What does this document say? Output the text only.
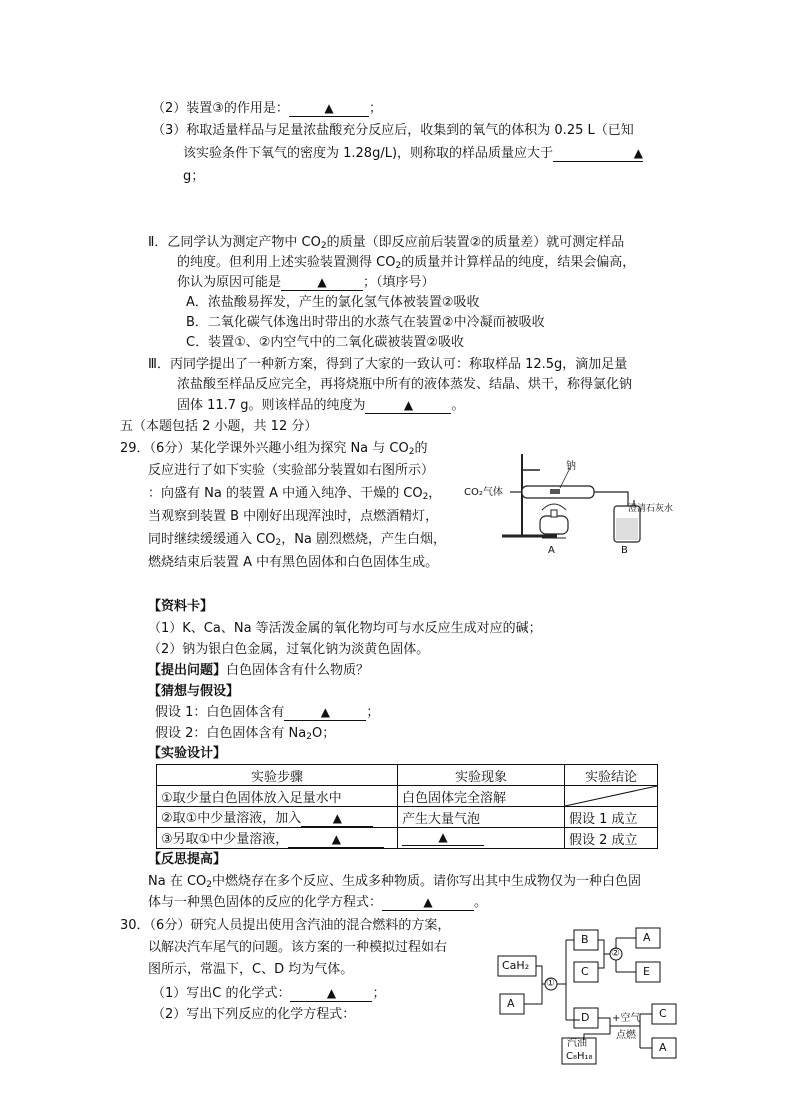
（2）装置③的作用是：	▲	；
（3）称取适量样品与足量浓盐酸充分反应后，收集到的氧气的体积为 0.25 L（已知
该实验条件下氧气的密度为 1.28g/L)，则称取的样品质量应大于	▲
g；
Ⅱ．乙同学认为测定产物中 $CO_2$的质量（即反应前后装置②的质量差）就可测定样品
的纯度。但利用上述实验装置测得 $CO_2$的质量并计算样品的纯度，结果会偏高，
你认为原因可能是	▲	；（填序号）
A．浓盐酸易挥发，产生的氯化氢气体被装置②吸收
B．二氧化碳气体逸出时带出的水蒸气在装置②中冷凝而被吸收
C．装置①、②内空气中的二氧化碳被装置②吸收
Ⅲ．丙同学提出了一种新方案，得到了大家的一致认可：称取样品 12.5g，滴加足量
浓盐酸至样品反应完全，再将烧瓶中所有的液体蒸发、结晶、烘干，称得氯化钠
固体 11.7 g。则该样品的纯度为	▲	。
五（本题包括 2 小题，共 12 分）
29．（6分）某化学课外兴趣小组为探究 Na 与 $CO_2$的
反应进行了如下实验（实验部分装置如右图所示）
：向盛有 Na 的装置 A 中通入纯净、干燥的 $CO_2$，
当观察到装置 B 中刚好出现浑浊时，点燃酒精灯，
同时继续缓缓通入 $CO_2$，Na 剧烈燃烧，产生白烟，
燃烧结束后装置 A 中有黑色固体和白色固体生成。
钠
CO₂气体
澄清石灰水
A	B
【资料卡】
（1）K、Ca、Na 等活泼金属的氧化物均可与水反应生成对应的碱；
（2）钠为银白色金属，过氧化钠为淡黄色固体。
【提出问题】白色固体含有什么物质？
【猜想与假设】
假设 1：白色固体含有	▲	；
假设 2：白色固体含有 $Na_2O$；
【实验设计】
实验步骤	实验现象	实验结论
①取少量白色固体放入足量水中	白色固体完全溶解	

②取①中少量溶液，加入 ▲	产生大量气泡	假设 1 成立
③另取①中少量溶液， ▲	▲	假设 2 成立
【反思提高】
Na 在 $CO_2$中燃烧存在多个反应、生成多种物质。请你写出其中生成物仅为一种白色固
体与一种黑色固体的反应的化学方程式：	▲	。
30．（6分）研究人员提出使用含汽油的混合燃料的方案，
以解决汽车尾气的问题。该方案的一种模拟过程如右
图所示，常温下，C、D 均为气体。
（1）写出C 的化学式：	▲	；
（2）写出下列反应的化学方程式：
CaH₂
A
①
B
C
②
A
E
D +空气
点燃
汽油
C₈H₁₈
C
A
